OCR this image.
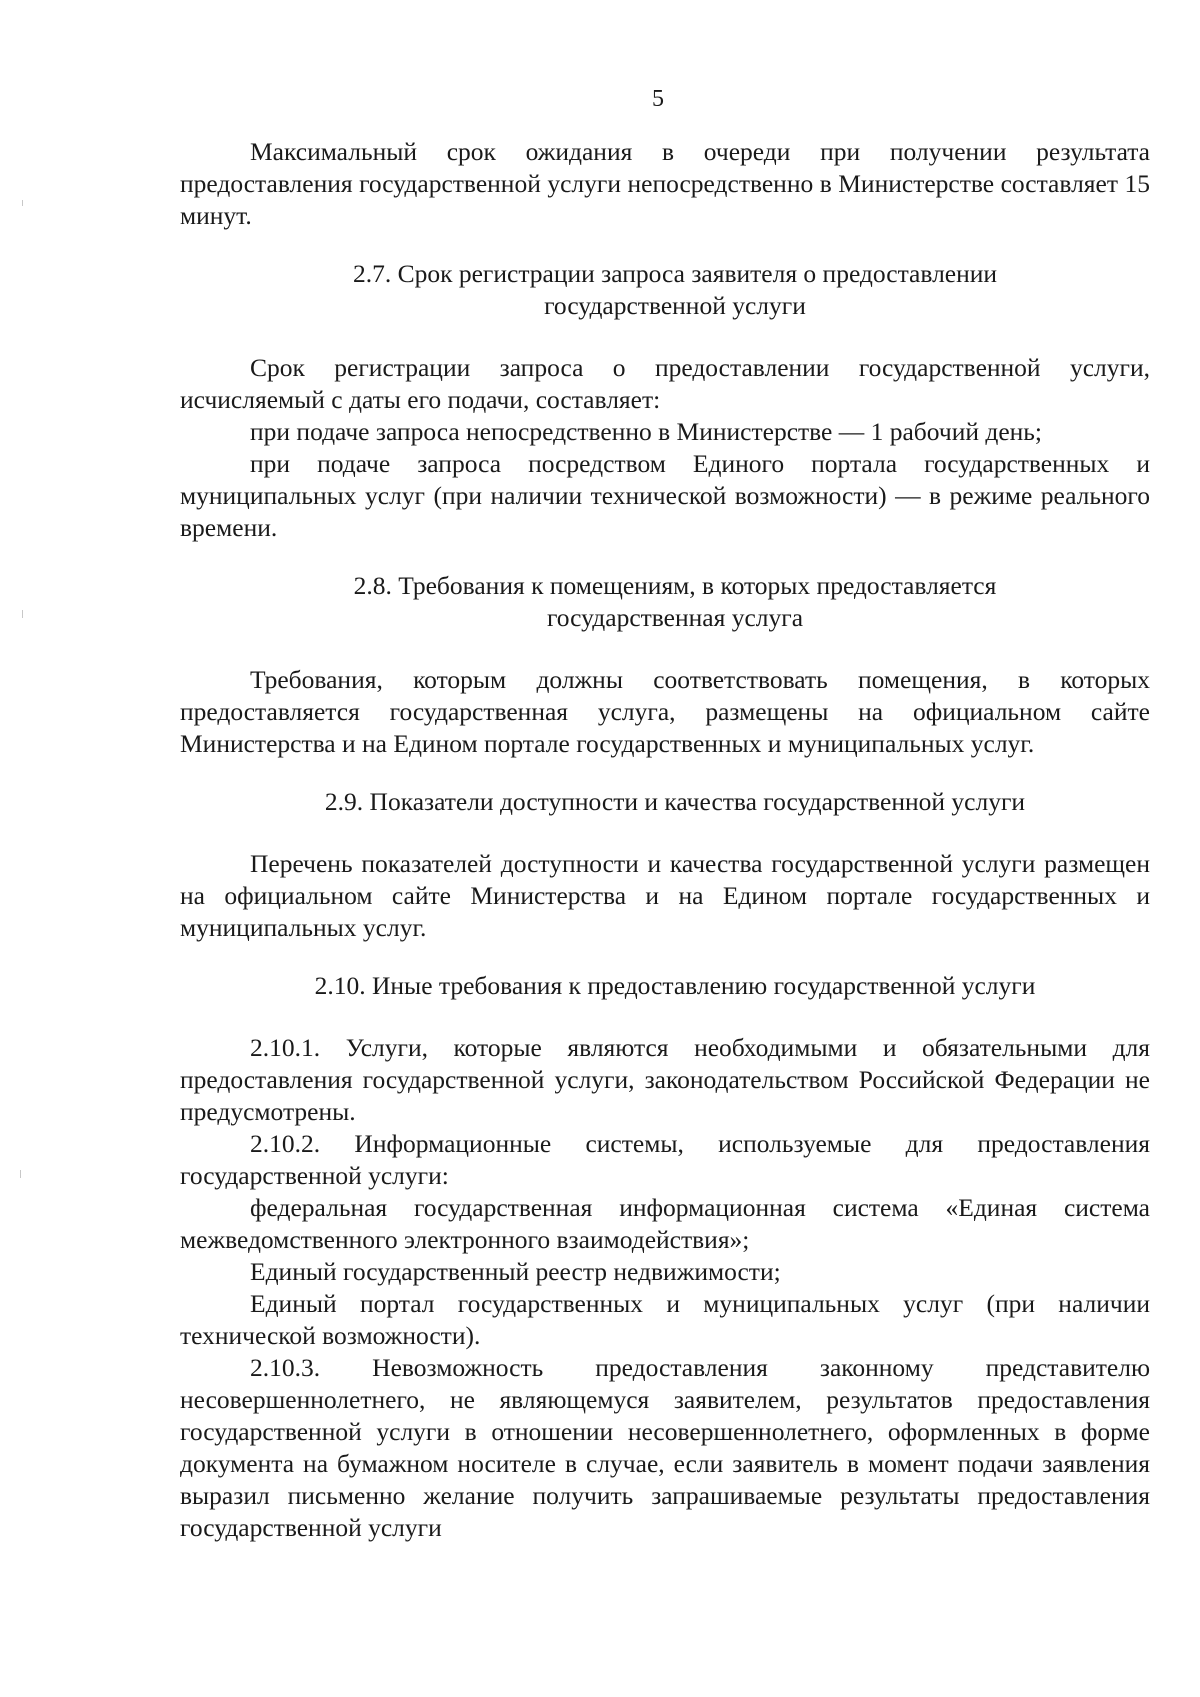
5

Максимальный срок ожидания в очереди при получении результата предоставления государственной услуги непосредственно в Министерстве составляет 15 минут.

2.7. Срок регистрации запроса заявителя о предоставлении
государственной услуги

Срок регистрации запроса о предоставлении государственной услуги, исчисляемый с даты его подачи, составляет:

при подаче запроса непосредственно в Министерстве — 1 рабочий день;

при подаче запроса посредством Единого портала государственных и муниципальных услуг (при наличии технической возможности) — в режиме реального времени.

2.8. Требования к помещениям, в которых предоставляется
государственная услуга

Требования, которым должны соответствовать помещения, в которых предоставляется государственная услуга, размещены на официальном сайте Министерства и на Едином портале государственных и муниципальных услуг.

2.9. Показатели доступности и качества государственной услуги

Перечень показателей доступности и качества государственной услуги размещен на официальном сайте Министерства и на Едином портале государственных и муниципальных услуг.

2.10. Иные требования к предоставлению государственной услуги

2.10.1. Услуги, которые являются необходимыми и обязательными для предоставления государственной услуги, законодательством Российской Федерации не предусмотрены.

2.10.2. Информационные системы, используемые для предоставления государственной услуги:

федеральная государственная информационная система «Единая система межведомственного электронного взаимодействия»;

Единый государственный реестр недвижимости;

Единый портал государственных и муниципальных услуг (при наличии технической возможности).

2.10.3. Невозможность предоставления законному представителю несовершеннолетнего, не являющемуся заявителем, результатов предоставления государственной услуги в отношении несовершеннолетнего, оформленных в форме документа на бумажном носителе в случае, если заявитель в момент подачи заявления выразил письменно желание получить запрашиваемые результаты предоставления государственной услуги
